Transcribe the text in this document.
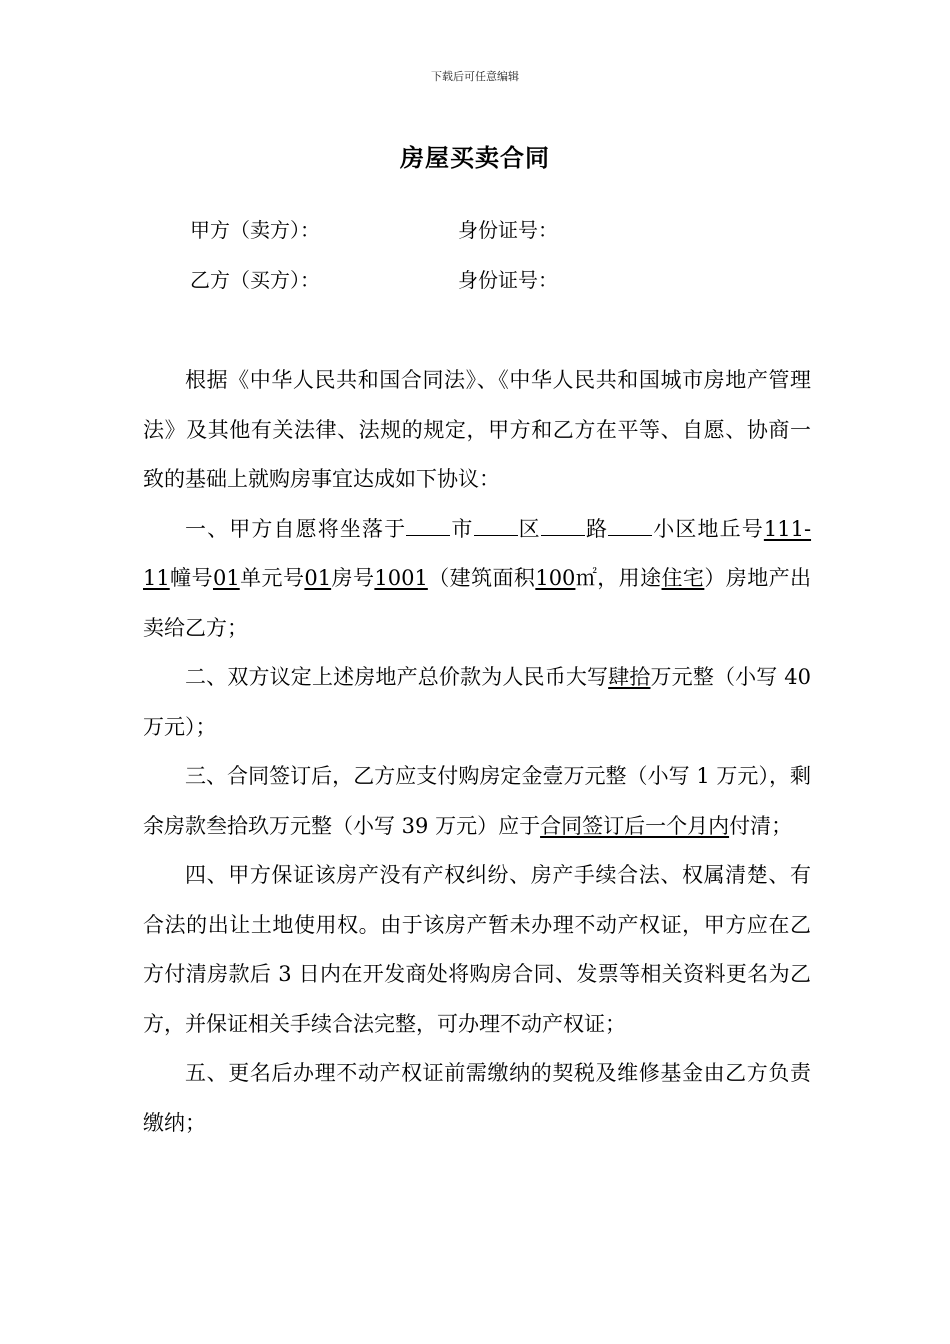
下载后可任意编辑
房屋买卖合同
甲方（卖方）：	身份证号：
乙方（买方）：	身份证号：

根据《中华人民共和国合同法》、《中华人民共和国城市房地产管理法》及其他有关法律、法规的规定，甲方和乙方在平等、自愿、协商一致的基础上就购房事宜达成如下协议：

一、甲方自愿将坐落于 市 区 路 小区地丘号111-11幢号01单元号01房号1001（建筑面积100㎡，用途住宅）房地产出卖给乙方；

二、双方议定上述房地产总价款为人民币大写肆拾万元整（小写 40 万元）；

三、合同签订后，乙方应支付购房定金壹万元整（小写 1 万元），剩余房款叁拾玖万元整（小写 39 万元）应于合同签订后一个月内付清；

四、甲方保证该房产没有产权纠纷、房产手续合法、权属清楚、有合法的出让土地使用权。由于该房产暂未办理不动产权证，甲方应在乙方付清房款后 3 日内在开发商处将购房合同、发票等相关资料更名为乙方，并保证相关手续合法完整，可办理不动产权证；

五、更名后办理不动产权证前需缴纳的契税及维修基金由乙方负责缴纳；
